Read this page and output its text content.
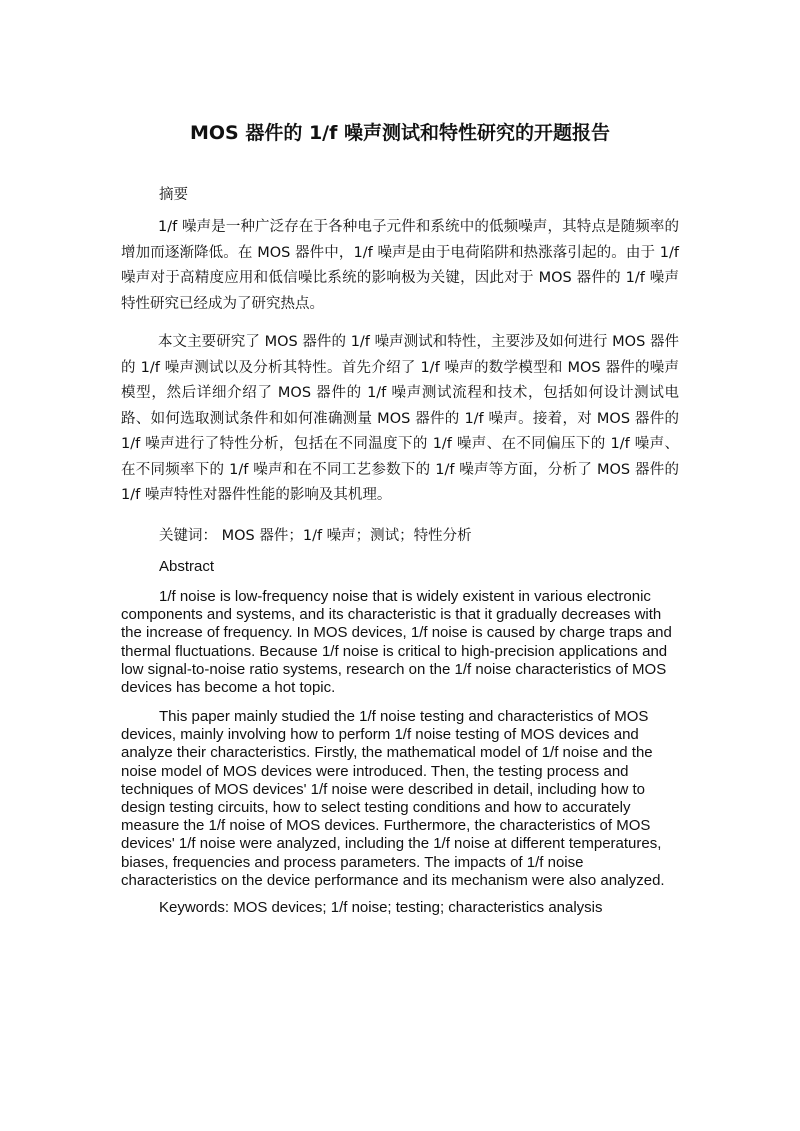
MOS 器件的 1/f 噪声测试和特性研究的开题报告
摘要
1/f 噪声是一种广泛存在于各种电子元件和系统中的低频噪声，其特点是随频率的增加而逐渐降低。在 MOS 器件中，1/f 噪声是由于电荷陷阱和热涨落引起的。由于 1/f 噪声对于高精度应用和低信噪比系统的影响极为关键，因此对于 MOS 器件的 1/f 噪声特性研究已经成为了研究热点。
本文主要研究了 MOS 器件的 1/f 噪声测试和特性，主要涉及如何进行 MOS 器件的 1/f 噪声测试以及分析其特性。首先介绍了 1/f 噪声的数学模型和 MOS 器件的噪声模型，然后详细介绍了 MOS 器件的 1/f 噪声测试流程和技术，包括如何设计测试电路、如何选取测试条件和如何准确测量 MOS 器件的 1/f 噪声。接着，对 MOS 器件的 1/f 噪声进行了特性分析，包括在不同温度下的 1/f 噪声、在不同偏压下的 1/f 噪声、在不同频率下的 1/f 噪声和在不同工艺参数下的 1/f 噪声等方面，分析了 MOS 器件的 1/f 噪声特性对器件性能的影响及其机理。
关键词： MOS 器件；1/f 噪声；测试；特性分析
Abstract
1/f noise is low-frequency noise that is widely existent in various electronic components and systems, and its characteristic is that it gradually decreases with the increase of frequency. In MOS devices, 1/f noise is caused by charge traps and thermal fluctuations. Because 1/f noise is critical to high-precision applications and low signal-to-noise ratio systems, research on the 1/f noise characteristics of MOS devices has become a hot topic.
This paper mainly studied the 1/f noise testing and characteristics of MOS devices, mainly involving how to perform 1/f noise testing of MOS devices and analyze their characteristics. Firstly, the mathematical model of 1/f noise and the noise model of MOS devices were introduced. Then, the testing process and techniques of MOS devices' 1/f noise were described in detail, including how to design testing circuits, how to select testing conditions and how to accurately measure the 1/f noise of MOS devices. Furthermore, the characteristics of MOS devices' 1/f noise were analyzed, including the 1/f noise at different temperatures, biases, frequencies and process parameters. The impacts of 1/f noise characteristics on the device performance and its mechanism were also analyzed.
Keywords: MOS devices; 1/f noise; testing; characteristics analysis
